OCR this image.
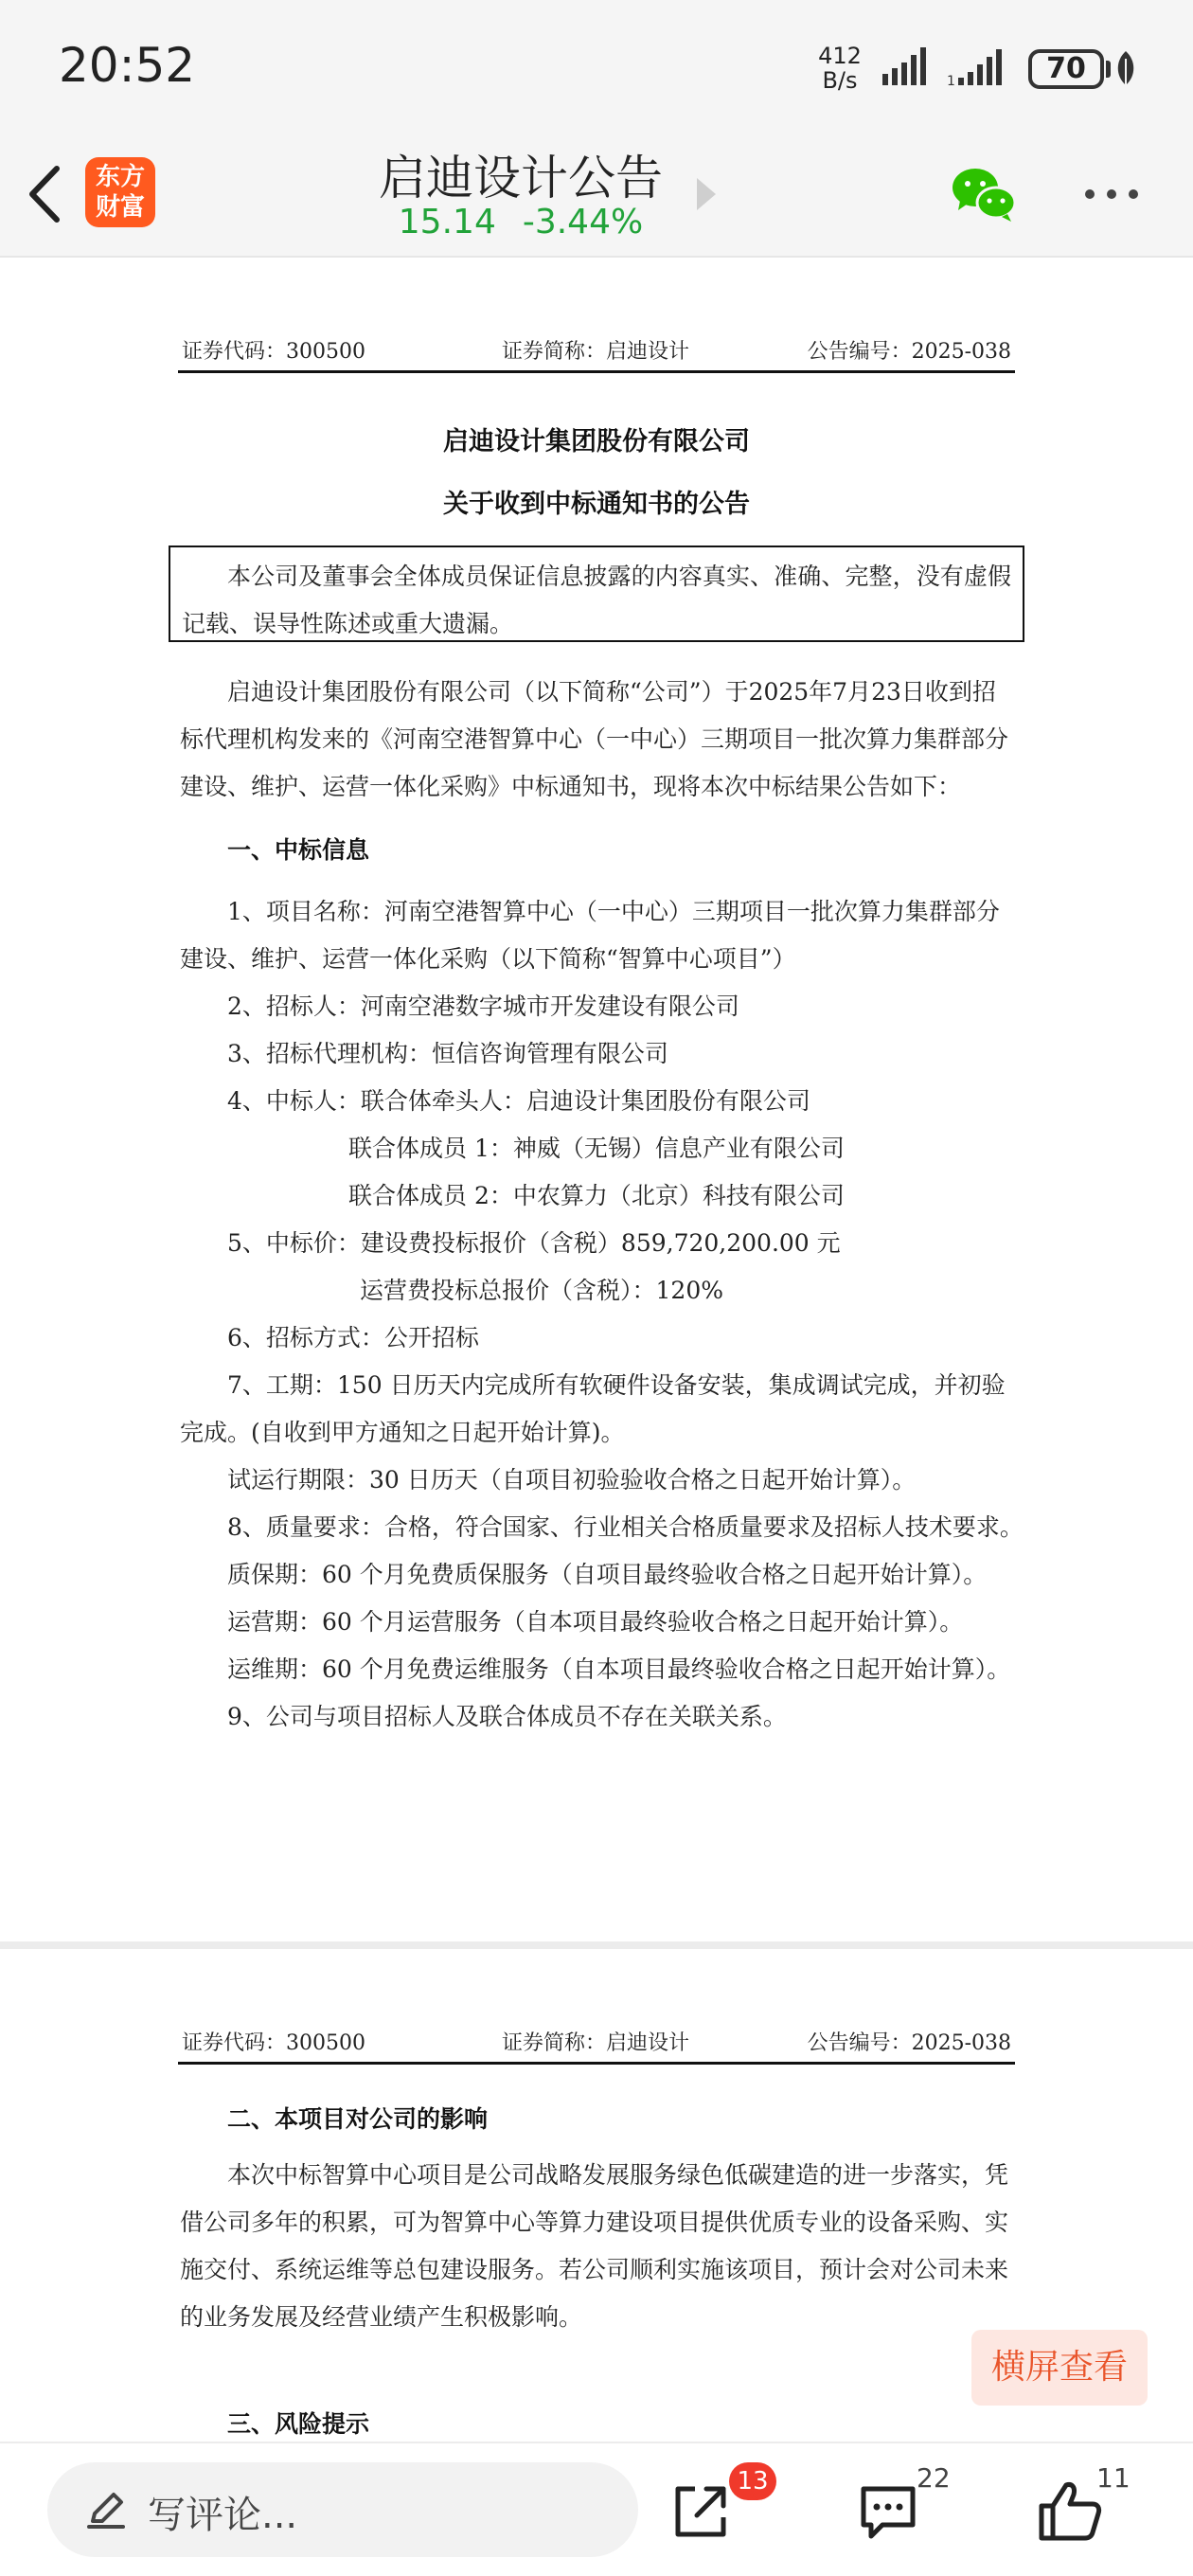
20:52	412
B/s	1	70
东方
财富
启迪设计公告
15.14 -3.44%
证券代码：300500	证券简称：启迪设计	公告编号：2025-038
启迪设计集团股份有限公司
关于收到中标通知书的公告

本公司及董事会全体成员保证信息披露的内容真实、准确、完整，没有虚假记载、误导性陈述或重大遗漏。

启迪设计集团股份有限公司（以下简称“公司”）于2025年7月23日收到招标代理机构发来的《河南空港智算中心（一中心）三期项目一批次算力集群部分建设、维护、运营一体化采购》中标通知书，现将本次中标结果公告如下：
一、中标信息
1、项目名称：河南空港智算中心（一中心）三期项目一批次算力集群部分建设、维护、运营一体化采购（以下简称“智算中心项目”）
2、招标人：河南空港数字城市开发建设有限公司
3、招标代理机构：恒信咨询管理有限公司
4、中标人：联合体牵头人：启迪设计集团股份有限公司
联合体成员 1：神威（无锡）信息产业有限公司
联合体成员 2：中农算力（北京）科技有限公司
5、中标价：建设费投标报价（含税）859,720,200.00 元
运营费投标总报价（含税）：120%
6、招标方式：公开招标
7、工期：150 日历天内完成所有软硬件设备安装，集成调试完成，并初验完成。(自收到甲方通知之日起开始计算)。
试运行期限：30 日历天（自项目初验验收合格之日起开始计算）。
8、质量要求：合格，符合国家、行业相关合格质量要求及招标人技术要求。
质保期：60 个月免费质保服务（自项目最终验收合格之日起开始计算）。
运营期：60 个月运营服务（自本项目最终验收合格之日起开始计算）。
运维期：60 个月免费运维服务（自本项目最终验收合格之日起开始计算）。
9、公司与项目招标人及联合体成员不存在关联关系。
证券代码：300500	证券简称：启迪设计	公告编号：2025-038
二、本项目对公司的影响
本次中标智算中心项目是公司战略发展服务绿色低碳建造的进一步落实，凭借公司多年的积累，可为智算中心等算力建设项目提供优质专业的设备采购、实施交付、系统运维等总包建设服务。若公司顺利实施该项目，预计会对公司未来的业务发展及经营业绩产生积极影响。
三、风险提示
横屏查看
写评论...
13	22	11
